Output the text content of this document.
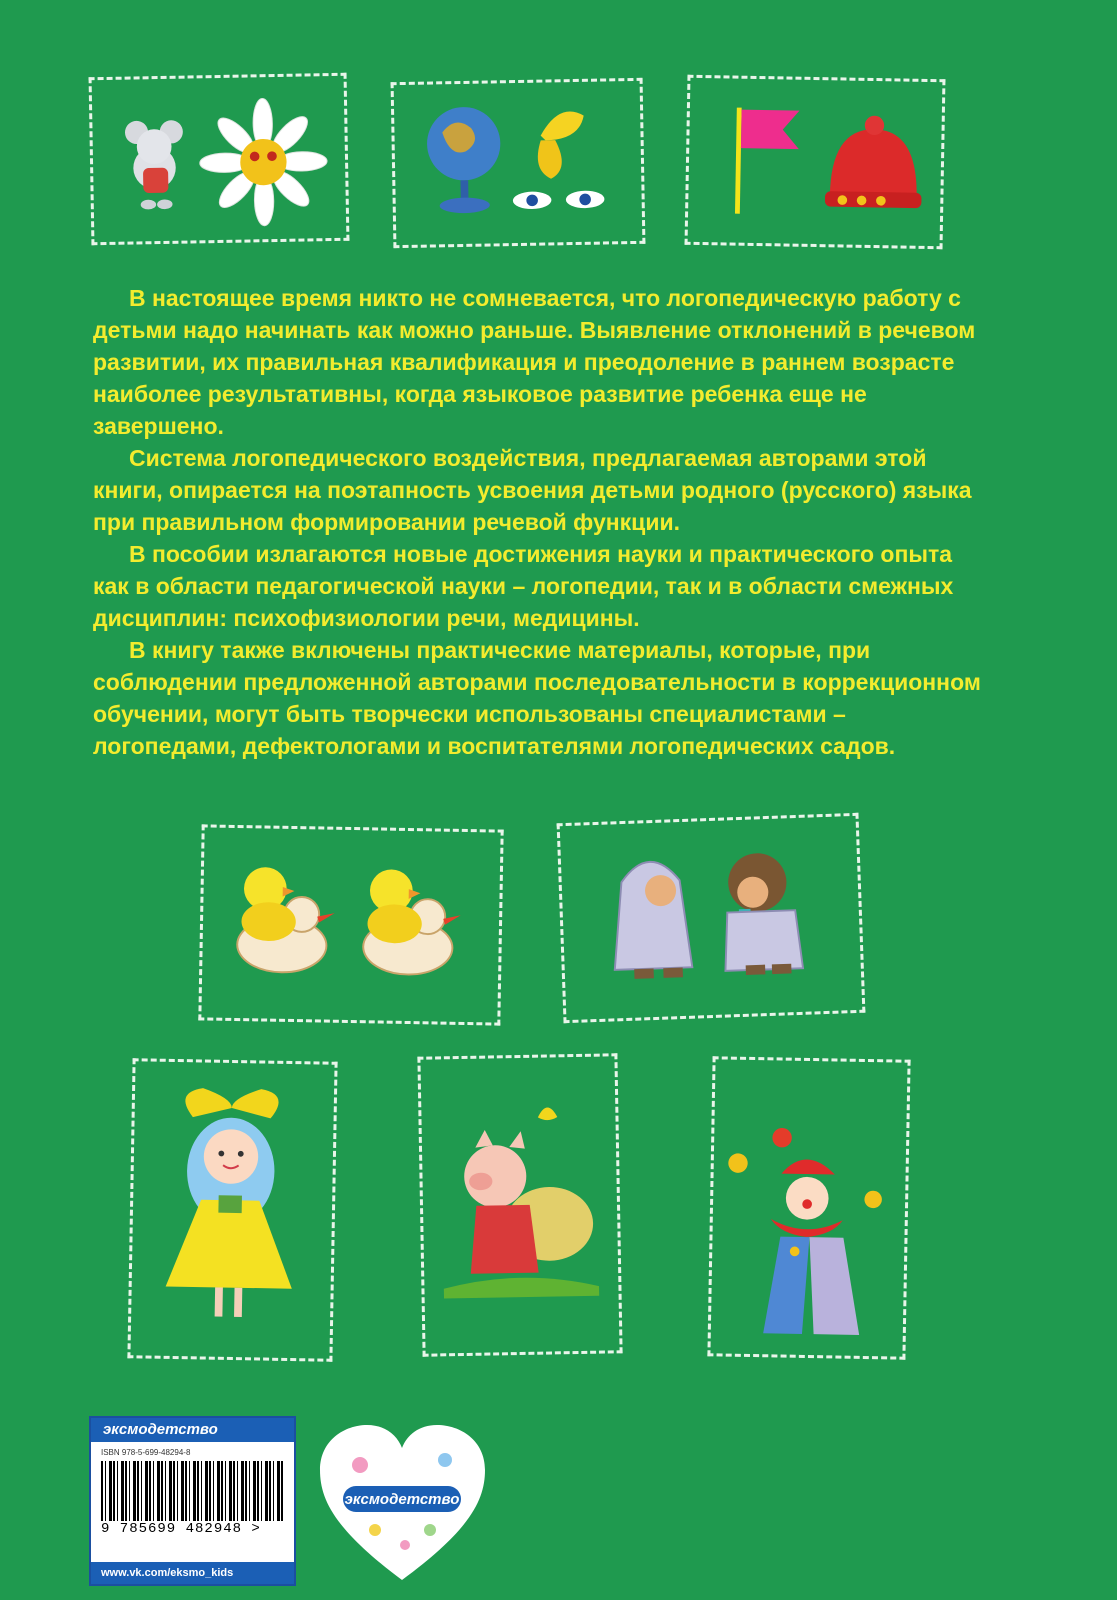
В настоящее время никто не сомневается, что логопедическую работу с детьми надо начинать как можно раньше. Выявление отклонений в речевом развитии, их правильная квалификация и преодоление в раннем возрасте наиболее результативны, когда языковое развитие ребенка еще не завершено.

Система логопедического воздействия, предлагаемая авторами этой книги, опирается на поэтапность усвоения детьми родного (русского) языка при правильном формировании речевой функции.

В пособии излагаются новые достижения науки и практического опыта как в области педагогической науки – логопедии, так и в области смежных дисциплин: психофизиологии речи, медицины.

В книгу также включены практические материалы, которые, при соблюдении предложенной авторами последовательности в коррекционном обучении, могут быть творчески использованы специалистами – логопедами, дефектологами и воспитателями логопедических садов.

эксмодетство
ISBN 978-5-699-48294-8
9 785699 482948 >
www.vk.com/eksmo_kids
эксмодетство
